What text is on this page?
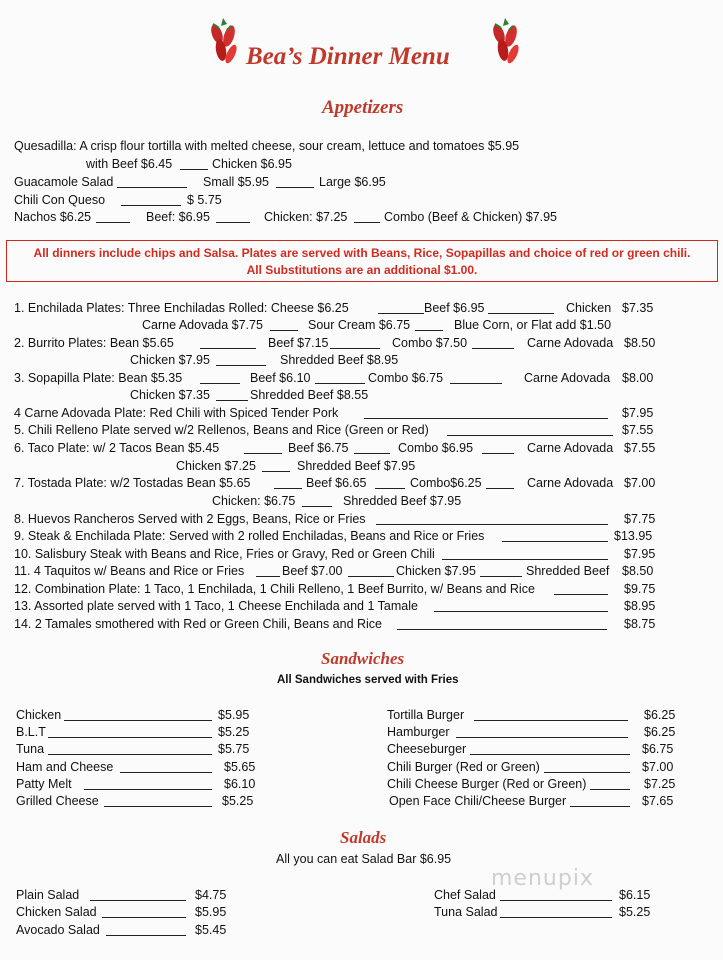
Bea’s Dinner Menu
Appetizers
Quesadilla: A crisp flour tortilla with melted cheese, sour cream, lettuce and tomatoes $5.95
with Beef $6.45	Chicken $6.95
Guacamole Salad	Small $5.95	Large $6.95
Chili Con Queso	$ 5.75
Nachos $6.25	Beef: $6.95	Chicken: $7.25	Combo (Beef & Chicken) $7.95
All dinners include chips and Salsa. Plates are served with Beans, Rice, Sopapillas and choice of red or green chili.
All Substitutions are an additional $1.00.
1. Enchilada Plates: Three Enchiladas Rolled: Cheese $6.25	Beef $6.95	Chicken $7.35
Carne Adovada $7.75	Sour Cream $6.75	Blue Corn, or Flat add $1.50
2. Burrito Plates: Bean $5.65	Beef $7.15	Combo $7.50	Carne Adovada $8.50
Chicken $7.95	Shredded Beef $8.95
3. Sopapilla Plate: Bean $5.35	Beef $6.10	Combo $6.75	Carne Adovada $8.00
Chicken $7.35	Shredded Beef $8.55
4 Carne Adovada Plate: Red Chili with Spiced Tender Pork	$7.95
5. Chili Relleno Plate served w/2 Rellenos, Beans and Rice (Green or Red)	$7.55
6. Taco Plate: w/ 2 Tacos Bean $5.45	Beef $6.75	Combo $6.95	Carne Adovada $7.55
Chicken $7.25	Shredded Beef $7.95
7. Tostada Plate: w/2 Tostadas Bean $5.65	Beef $6.65	Combo$6.25	Carne Adovada $7.00
Chicken: $6.75	Shredded Beef $7.95
8. Huevos Rancheros Served with 2 Eggs, Beans, Rice or Fries	$7.75
9. Steak & Enchilada Plate: Served with 2 rolled Enchiladas, Beans and Rice or Fries	$13.95
10. Salisbury Steak with Beans and Rice, Fries or Gravy, Red or Green Chili	$7.95
11. 4 Taquitos w/ Beans and Rice or Fries	Beef $7.00	Chicken $7.95	Shredded Beef $8.50
12. Combination Plate: 1 Taco, 1 Enchilada, 1 Chili Relleno, 1 Beef Burrito, w/ Beans and Rice	$9.75
13. Assorted plate served with 1 Taco, 1 Cheese Enchilada and 1 Tamale	$8.95
14. 2 Tamales smothered with Red or Green Chili, Beans and Rice	$8.75
Sandwiches
All Sandwiches served with Fries
Chicken	$5.95
B.L.T	$5.25
Tuna	$5.75
Ham and Cheese	$5.65
Patty Melt	$6.10
Grilled Cheese	$5.25
Tortilla Burger	$6.25
Hamburger	$6.25
Cheeseburger	$6.75
Chili Burger (Red or Green)	$7.00
Chili Cheese Burger (Red or Green)	$7.25
Open Face Chili/Cheese Burger	$7.65
Salads
All you can eat Salad Bar $6.95
Plain Salad	$4.75
Chicken Salad	$5.95
Avocado Salad	$5.45
Chef Salad	$6.15
Tuna Salad	$5.25
menupix
